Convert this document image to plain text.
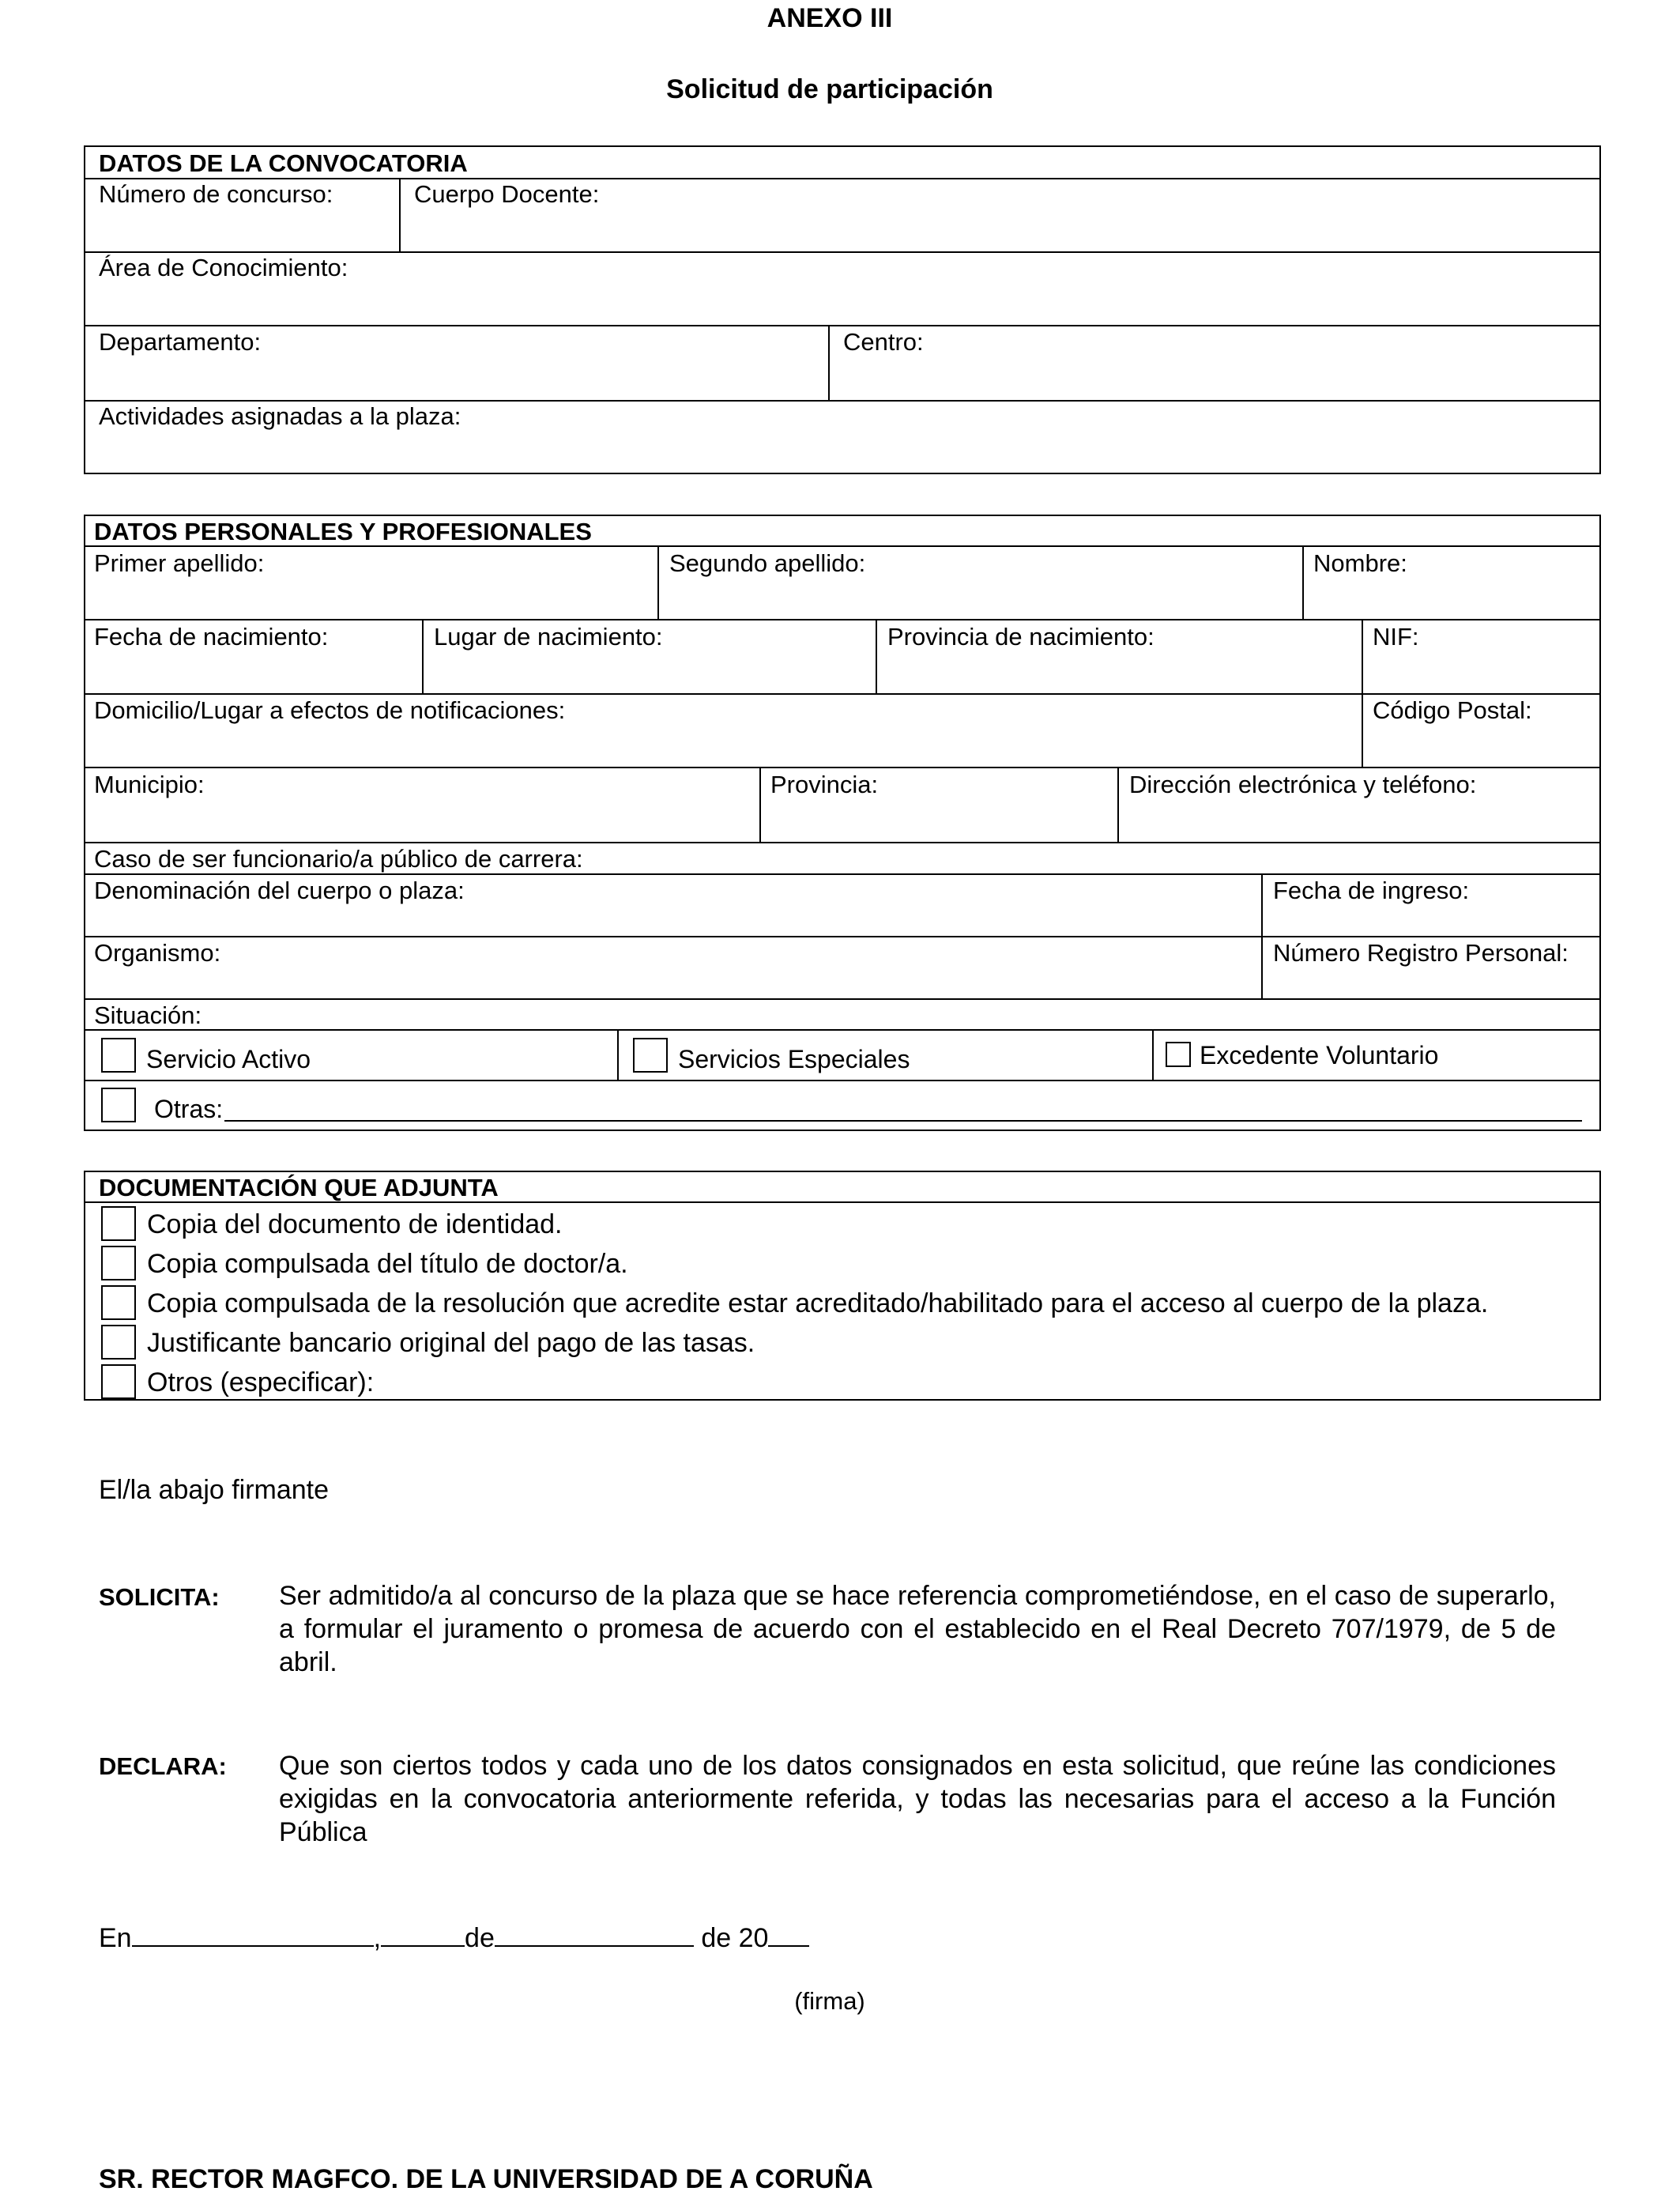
ANEXO III
Solicitud de participación
DATOS DE LA CONVOCATORIA
Número de concurso:	Cuerpo Docente:
Área de Conocimiento:
Departamento:	Centro:
Actividades asignadas a la plaza:
DATOS PERSONALES Y PROFESIONALES
Primer apellido:	Segundo apellido:	Nombre:
Fecha de nacimiento:	Lugar de nacimiento:	Provincia de nacimiento:	NIF:
Domicilio/Lugar a efectos de notificaciones:	Código Postal:
Municipio:	Provincia:	Dirección electrónica y teléfono:
Caso de ser funcionario/a público de carrera:
Denominación del cuerpo o plaza:	Fecha de ingreso:
Organismo:	Número Registro Personal:
Situación:
Servicio Activo	Servicios Especiales	Excedente Voluntario
Otras:
DOCUMENTACIÓN QUE ADJUNTA
Copia del documento de identidad.
Copia compulsada del título de doctor/a.
Copia compulsada de la resolución que acredite estar acreditado/habilitado para el acceso al cuerpo de la plaza.
Justificante bancario original del pago de las tasas.
Otros (especificar):
El/la abajo firmante
SOLICITA: Ser admitido/a al concurso de la plaza que se hace referencia comprometiéndose, en el caso de superarlo, a formular el juramento o promesa de acuerdo con el establecido en el Real Decreto 707/1979, de 5 de abril.
DECLARA: Que son ciertos todos y cada uno de los datos consignados en esta solicitud, que reúne las condiciones exigidas en la convocatoria anteriormente referida, y todas las necesarias para el acceso a la Función Pública
En	,	de	de 20
(firma)
SR. RECTOR MAGFCO. DE LA UNIVERSIDAD DE A CORUÑA
